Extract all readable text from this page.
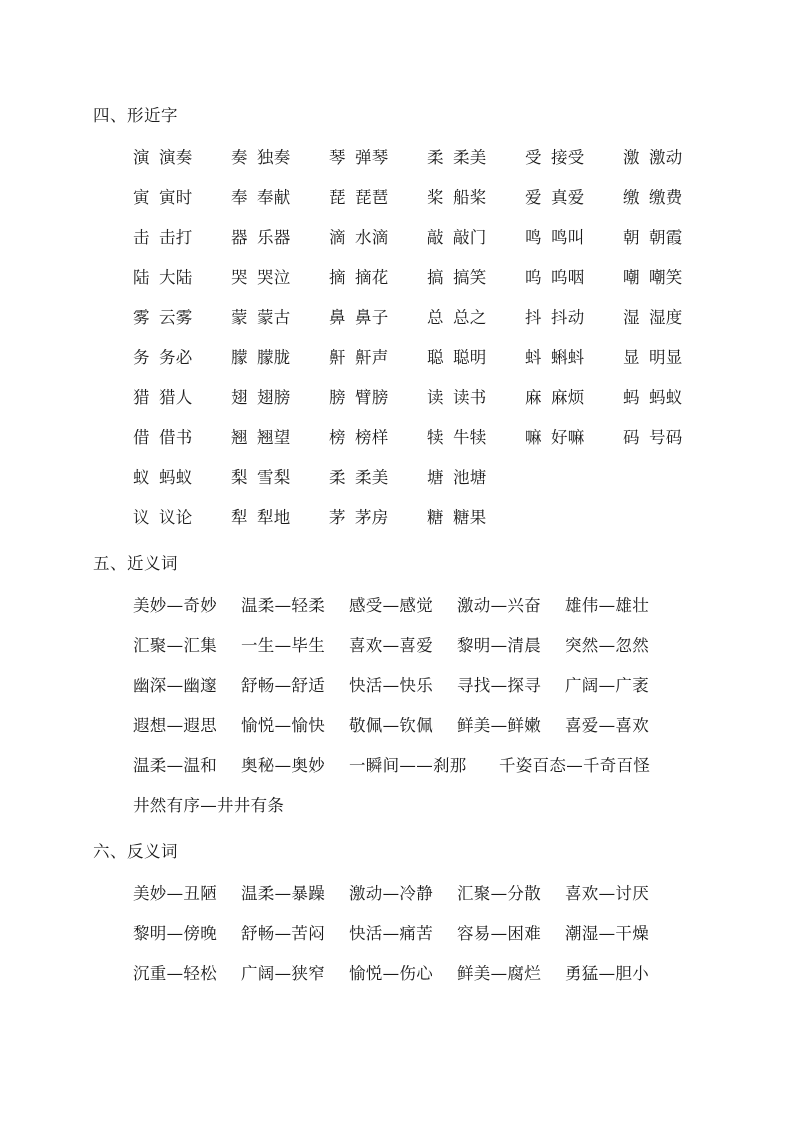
四、形近字
演 演奏 奏 独奏 琴 弹琴 柔 柔美 受 接受 激 激动
寅 寅时 奉 奉献 琵 琵琶 桨 船桨 爱 真爱 缴 缴费
击 击打 器 乐器 滴 水滴 敲 敲门 鸣 鸣叫 朝 朝霞
陆 大陆 哭 哭泣 摘 摘花 搞 搞笑 呜 呜咽 嘲 嘲笑
雾 云雾 蒙 蒙古 鼻 鼻子 总 总之 抖 抖动 湿 湿度
务 务必 朦 朦胧 鼾 鼾声 聪 聪明 蚪 蝌蚪 显 明显
猎 猎人 翅 翅膀 膀 臂膀 读 读书 麻 麻烦 蚂 蚂蚁
借 借书 翘 翘望 榜 榜样 犊 牛犊 嘛 好嘛 码 号码
蚁 蚂蚁 梨 雪梨 柔 柔美 塘 池塘
议 议论 犁 犁地 茅 茅房 糖 糖果
五、近义词
美妙—奇妙	温柔—轻柔	感受—感觉	激动—兴奋	雄伟—雄壮
汇聚—汇集	一生—毕生	喜欢—喜爱	黎明—清晨	突然—忽然
幽深—幽邃	舒畅—舒适	快活—快乐	寻找—探寻	广阔—广袤
遐想—遐思	愉悦—愉快	敬佩—钦佩	鲜美—鲜嫩	喜爱—喜欢
温柔—温和	奥秘—奥妙	一瞬间——刹那	千姿百态—千奇百怪
井然有序—井井有条
六、反义词
美妙—丑陋	温柔—暴躁	激动—冷静	汇聚—分散	喜欢—讨厌
黎明—傍晚	舒畅—苦闷	快活—痛苦	容易—困难	潮湿—干燥
沉重—轻松	广阔—狭窄	愉悦—伤心	鲜美—腐烂	勇猛—胆小
